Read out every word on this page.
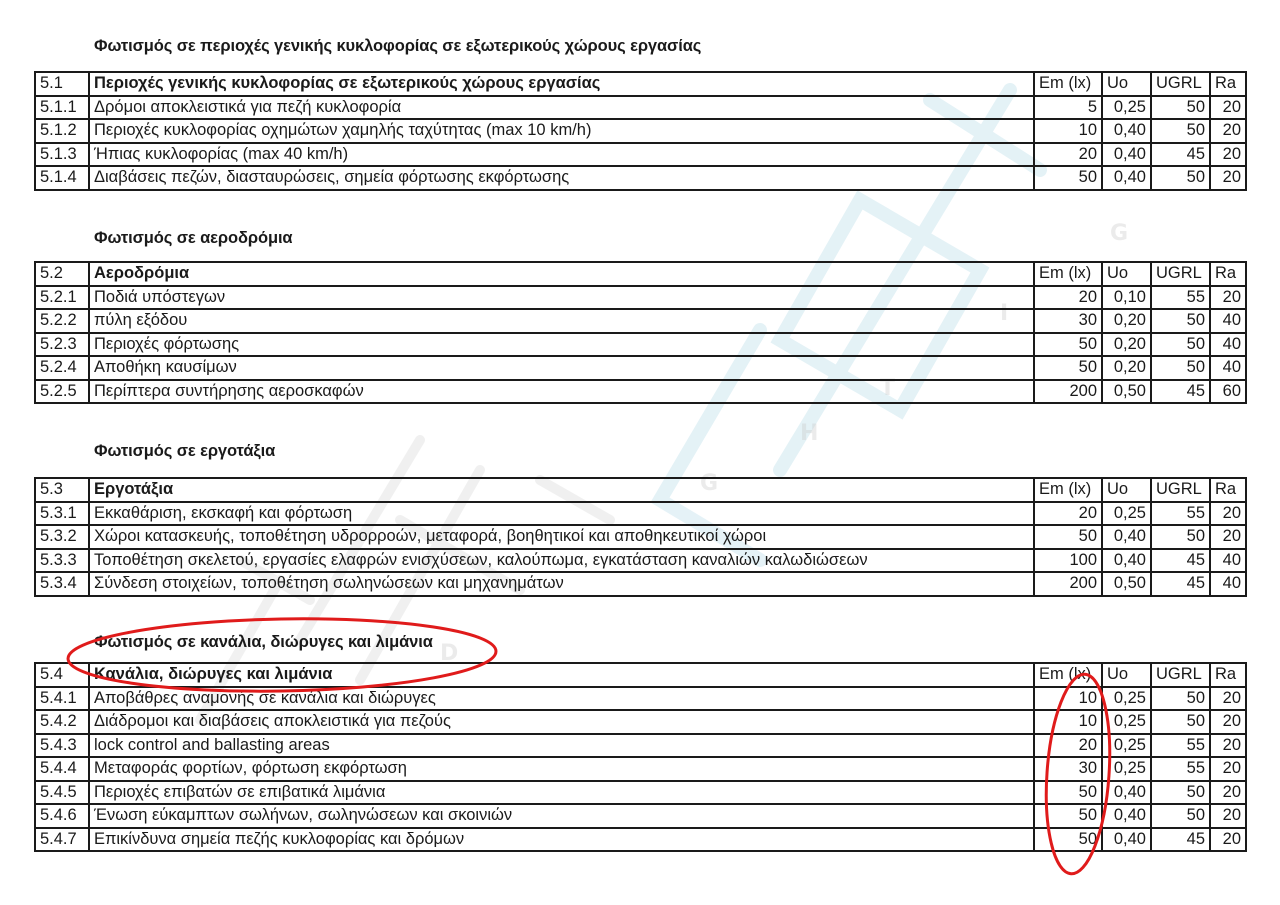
G
I
T
H
G
D
Φωτισμός σε περιοχές γενικής κυκλοφορίας σε εξωτερικούς χώρους εργασίας
5.1	Περιοχές γενικής κυκλοφορίας σε εξωτερικούς χώρους εργασίας	Em (lx)	Uo	UGRL	Ra
5.1.1	Δρόμοι αποκλειστικά για πεζή κυκλοφορία	5	0,25	50	20
5.1.2	Περιοχές κυκλοφορίας οχημώτων χαμηλής ταχύτητας (max 10 km/h)	10	0,40	50	20
5.1.3	Ήπιας κυκλοφορίας (max 40 km/h)	20	0,40	45	20
5.1.4	Διαβάσεις πεζών, διασταυρώσεις, σημεία φόρτωσης εκφόρτωσης	50	0,40	50	20
Φωτισμός σε αεροδρόμια
5.2	Αεροδρόμια	Em (lx)	Uo	UGRL	Ra
5.2.1	Ποδιά υπόστεγων	20	0,10	55	20
5.2.2	πύλη εξόδου	30	0,20	50	40
5.2.3	Περιοχές φόρτωσης	50	0,20	50	40
5.2.4	Αποθήκη καυσίμων	50	0,20	50	40
5.2.5	Περίπτερα συντήρησης αεροσκαφών	200	0,50	45	60
Φωτισμός σε εργοτάξια
5.3	Εργοτάξια	Em (lx)	Uo	UGRL	Ra
5.3.1	Εκκαθάριση, εκσκαφή και φόρτωση	20	0,25	55	20
5.3.2	Χώροι κατασκευής, τοποθέτηση υδρορροών, μεταφορά, βοηθητικοί και αποθηκευτικοί χώροι	50	0,40	50	20
5.3.3	Τοποθέτηση σκελετού, εργασίες ελαφρών ενισχύσεων, καλούπωμα, εγκατάσταση καναλιών καλωδιώσεων	100	0,40	45	40
5.3.4	Σύνδεση στοιχείων, τοποθέτηση σωληνώσεων και μηχανημάτων	200	0,50	45	40
Φωτισμός σε κανάλια, διώρυγες και λιμάνια
5.4	Κανάλια, διώρυγες και λιμάνια	Em (lx)	Uo	UGRL	Ra
5.4.1	Αποβάθρες αναμονής σε κανάλια και διώρυγες	10	0,25	50	20
5.4.2	Διάδρομοι και διαβάσεις αποκλειστικά για πεζούς	10	0,25	50	20
5.4.3	lock control and ballasting areas	20	0,25	55	20
5.4.4	Μεταφοράς φορτίων, φόρτωση εκφόρτωση	30	0,25	55	20
5.4.5	Περιοχές επιβατών σε επιβατικά λιμάνια	50	0,40	50	20
5.4.6	Ένωση εύκαμπτων σωλήνων, σωληνώσεων και σκοινιών	50	0,40	50	20
5.4.7	Επικίνδυνα σημεία πεζής κυκλοφορίας και δρόμων	50	0,40	45	20
